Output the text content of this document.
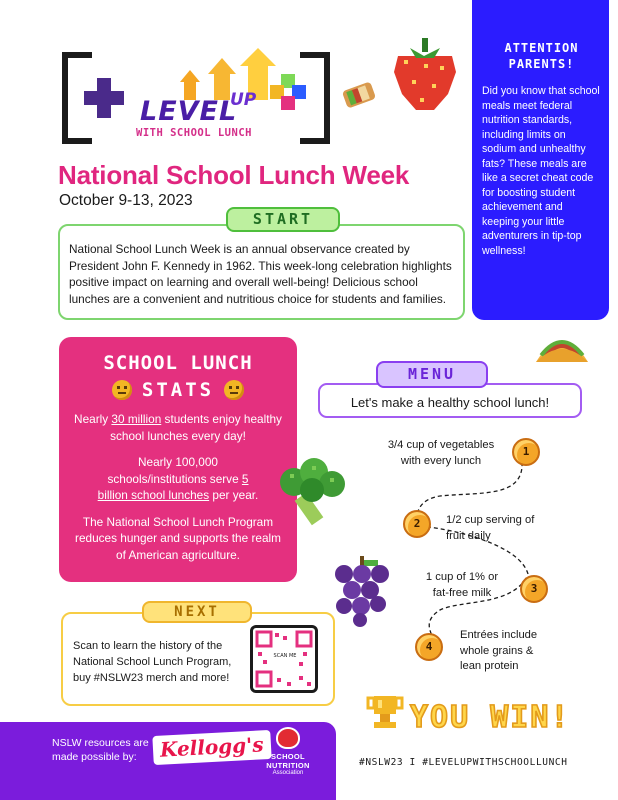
LEVEL
UP
WITH SCHOOL LUNCH
National School Lunch Week
October 9-13, 2023
National School Lunch Week is an annual observance created by President John F. Kennedy in 1962. This week-long celebration highlights positive impact on learning and overall well-being! Delicious school lunches are a convenient and nutritious choice for students and families.
START
ATTENTION
PARENTS!
Did you know that school meals meet federal nutrition standards, including limits on sodium and unhealthy fats? These meals are like a secret cheat code for boosting student achievement and keeping your little adventurers in tip-top wellness!
SCHOOL LUNCH
STATS
Nearly 30 million students enjoy healthy school lunches every day!
Nearly 100,000 schools/institutions serve 5 billion school lunches per year.
The National School Lunch Program reduces hunger and supports the realm of American agriculture.
Let's make a healthy school lunch!
MENU
3/4 cup of vegetables with every lunch
1
2	1/2 cup serving of fruit daily
1 cup of 1% or fat-free milk	3
4
Entrées include whole grains & lean protein
Scan to learn the history of the National School Lunch Program, buy #NSLW23 merch and more!
NEXT
SCAN ME
NSLW resources are made possible by:	Kellogg's SCHOOL NUTRITION
Association
YOU WIN!
#NSLW23 I #LEVELUPWITHSCHOOLLUNCH
